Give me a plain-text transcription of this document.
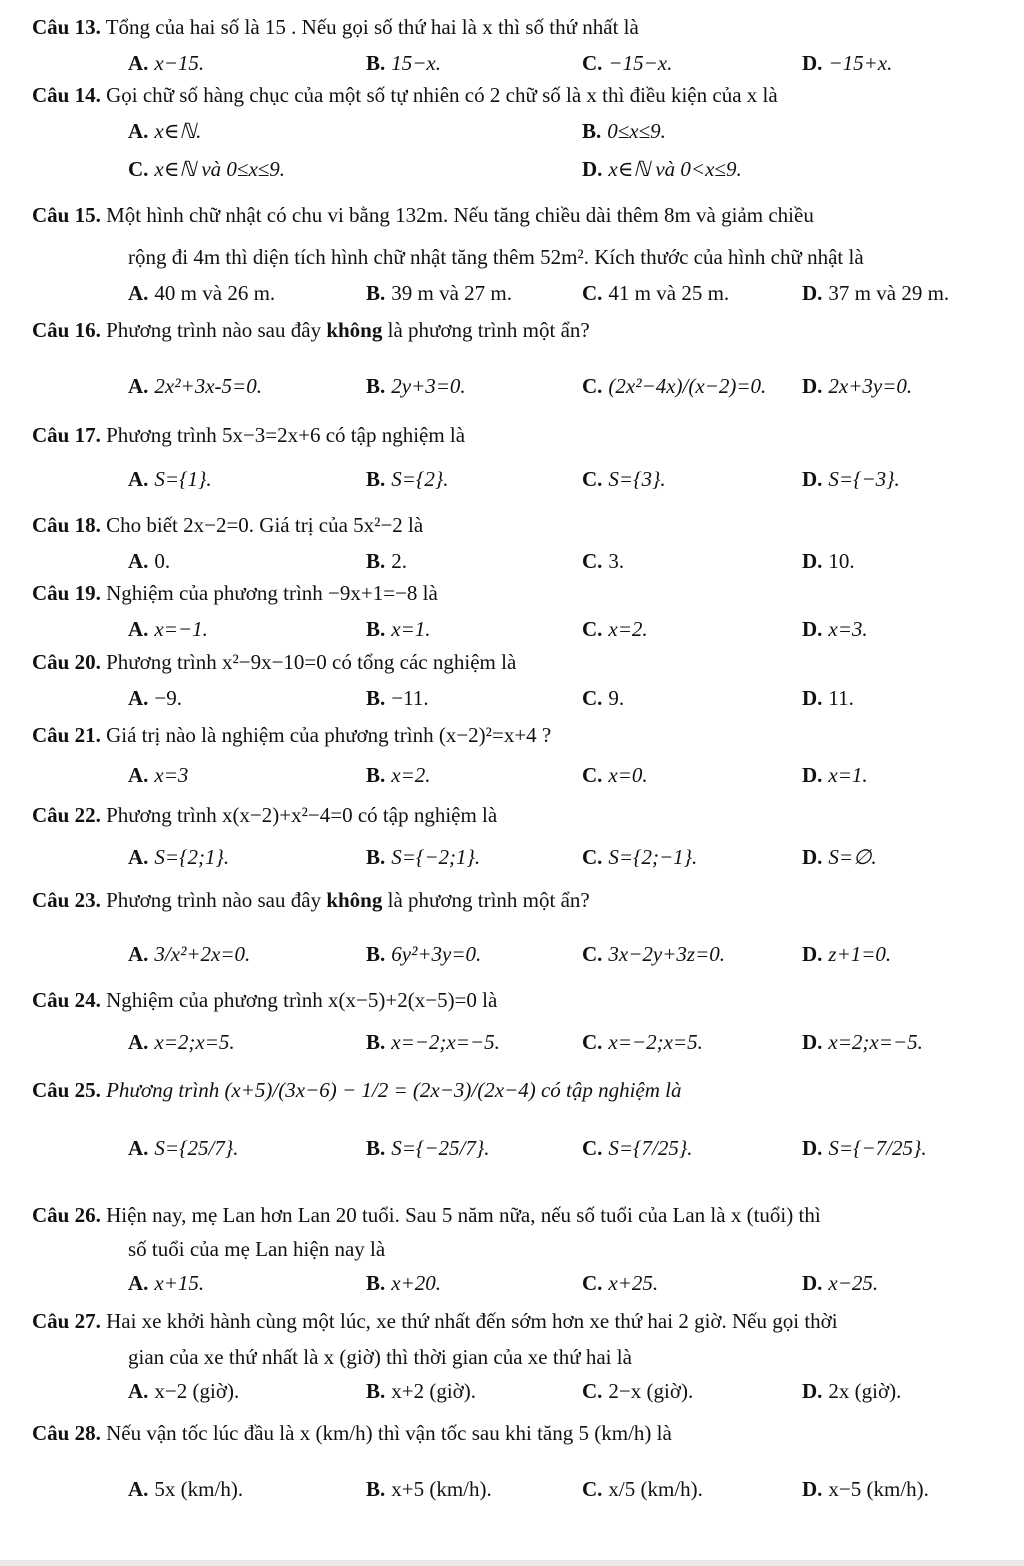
Câu 13. Tổng của hai số là 15 . Nếu gọi số thứ hai là x thì số thứ nhất là
A. x−15.	B. 15−x.	C. −15−x.	D. −15+x.
Câu 14. Gọi chữ số hàng chục của một số tự nhiên có 2 chữ số là x thì điều kiện của x là
A. x∈ℕ.	B. 0≤x≤9.
C. x∈ℕ và 0≤x≤9.	D. x∈ℕ và 0<x≤9.
Câu 15. Một hình chữ nhật có chu vi bằng 132m. Nếu tăng chiều dài thêm 8m và giảm chiều
rộng đi 4m thì diện tích hình chữ nhật tăng thêm 52m². Kích thước của hình chữ nhật là
A. 40 m và 26 m.	B. 39 m và 27 m.	C. 41 m và 25 m.	D. 37 m và 29 m.
Câu 16. Phương trình nào sau đây không là phương trình một ẩn?
A. 2x²+3x-5=0.	B. 2y+3=0.	C. (2x²−4x)/(x−2)=0. D. 2x+3y=0.
Câu 17. Phương trình 5x−3=2x+6 có tập nghiệm là
A. S={1}.	B. S={2}.	C. S={3}.	D. S={−3}.
Câu 18. Cho biết 2x−2=0. Giá trị của 5x²−2 là
A. 0.	B. 2.	C. 3.	D. 10.
Câu 19. Nghiệm của phương trình −9x+1=−8 là
A. x=−1.	B. x=1.	C. x=2.	D. x=3.
Câu 20. Phương trình x²−9x−10=0 có tổng các nghiệm là
A. −9.	B. −11.	C. 9.	D. 11.
Câu 21. Giá trị nào là nghiệm của phương trình (x−2)²=x+4 ?
A. x=3	B. x=2.	C. x=0.	D. x=1.
Câu 22. Phương trình x(x−2)+x²−4=0 có tập nghiệm là
A. S={2;1}.	B. S={−2;1}.	C. S={2;−1}.	D. S=∅.
Câu 23. Phương trình nào sau đây không là phương trình một ẩn?
A. 3/x²+2x=0.	B. 6y²+3y=0.	C. 3x−2y+3z=0.	D. z+1=0.
Câu 24. Nghiệm của phương trình x(x−5)+2(x−5)=0 là
A. x=2;x=5.	B. x=−2;x=−5.	C. x=−2;x=5.	D. x=2;x=−5.
Câu 25. Phương trình (x+5)/(3x−6) − 1/2 = (2x−3)/(2x−4) có tập nghiệm là
A. S={25/7}.	B. S={−25/7}.	C. S={7/25}.	D. S={−7/25}.
Câu 26. Hiện nay, mẹ Lan hơn Lan 20 tuổi. Sau 5 năm nữa, nếu số tuổi của Lan là x (tuổi) thì
số tuổi của mẹ Lan hiện nay là
A. x+15.	B. x+20.	C. x+25.	D. x−25.
Câu 27. Hai xe khởi hành cùng một lúc, xe thứ nhất đến sớm hơn xe thứ hai 2 giờ. Nếu gọi thời
gian của xe thứ nhất là x (giờ) thì thời gian của xe thứ hai là
A. x−2 (giờ).	B. x+2 (giờ).	C. 2−x (giờ).	D. 2x (giờ).
Câu 28. Nếu vận tốc lúc đầu là x (km/h) thì vận tốc sau khi tăng 5 (km/h) là
A. 5x (km/h).	B. x+5 (km/h).	C. x/5 (km/h).	D. x−5 (km/h).
